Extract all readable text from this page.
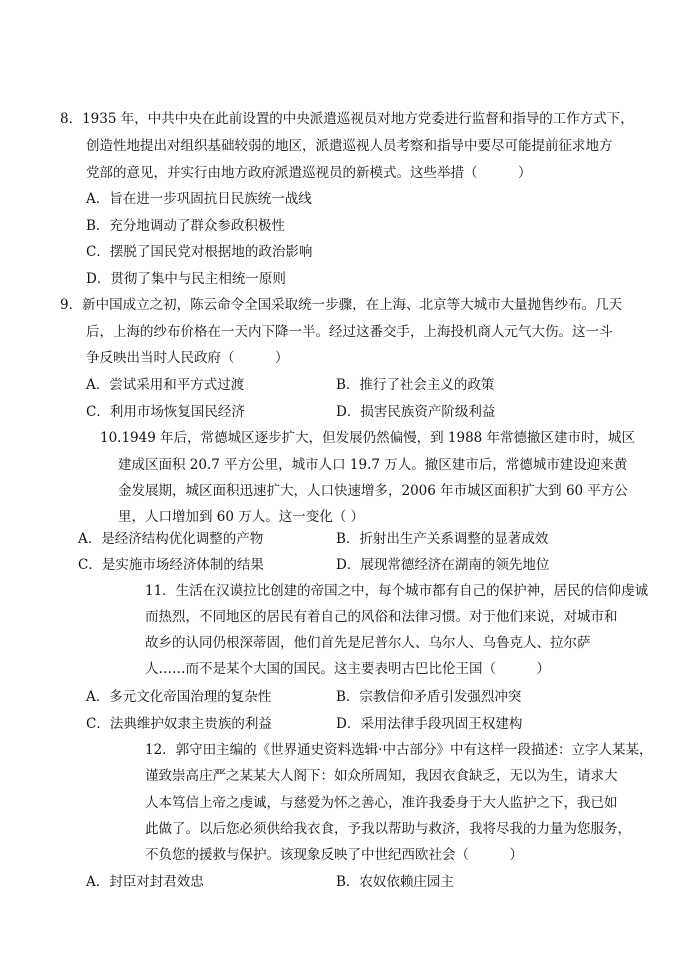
8．1935 年，中共中央在此前设置的中央派遣巡视员对地方党委进行监督和指导的工作方式下，
创造性地提出对组织基础较弱的地区，派遣巡视人员考察和指导中要尽可能提前征求地方
党部的意见，并实行由地方政府派遣巡视员的新模式。这些举措（　　　）
A．旨在进一步巩固抗日民族统一战线
B．充分地调动了群众参政积极性
C．摆脱了国民党对根据地的政治影响
D．贯彻了集中与民主相统一原则
9．新中国成立之初，陈云命令全国采取统一步骤，在上海、北京等大城市大量抛售纱布。几天
后，上海的纱布价格在一天内下降一半。经过这番交手，上海投机商人元气大伤。这一斗
争反映出当时人民政府（　　　）
A．尝试采用和平方式过渡	B．推行了社会主义的政策
C．利用市场恢复国民经济	D．损害民族资产阶级利益
10.1949 年后，常德城区逐步扩大，但发展仍然偏慢，到 1988 年常德撤区建市时，城区
建成区面积 20.7 平方公里，城市人口 19.7 万人。撤区建市后，常德城市建设迎来黄
金发展期，城区面积迅速扩大，人口快速增多，2006 年市城区面积扩大到 60 平方公
里，人口增加到 60 万人。这一变化（ ）
A．是经济结构优化调整的产物	B．折射出生产关系调整的显著成效
C．是实施市场经济体制的结果	D．展现常德经济在湖南的领先地位
11．生活在汉谟拉比创建的帝国之中，每个城市都有自己的保护神，居民的信仰虔诚
而热烈，不同地区的居民有着自己的风俗和法律习惯。对于他们来说，对城市和
故乡的认同仍根深蒂固，他们首先是尼普尔人、乌尔人、乌鲁克人、拉尔萨
人……而不是某个大国的国民。这主要表明古巴比伦王国（　　　）
A．多元文化帝国治理的复杂性	B．宗教信仰矛盾引发强烈冲突
C．法典维护奴隶主贵族的利益	D．采用法律手段巩固王权建构
12．郭守田主编的《世界通史资料选辑·中古部分》中有这样一段描述：立字人某某，
谨致崇高庄严之某某大人阁下：如众所周知，我因衣食缺乏，无以为生，请求大
人本笃信上帝之虔诚，与慈爱为怀之善心，准许我委身于大人监护之下，我已如
此做了。以后您必须供给我衣食，予我以帮助与救济，我将尽我的力量为您服务，
不负您的援救与保护。该现象反映了中世纪西欧社会（　　　）
A．封臣对封君效忠	B．农奴依赖庄园主
